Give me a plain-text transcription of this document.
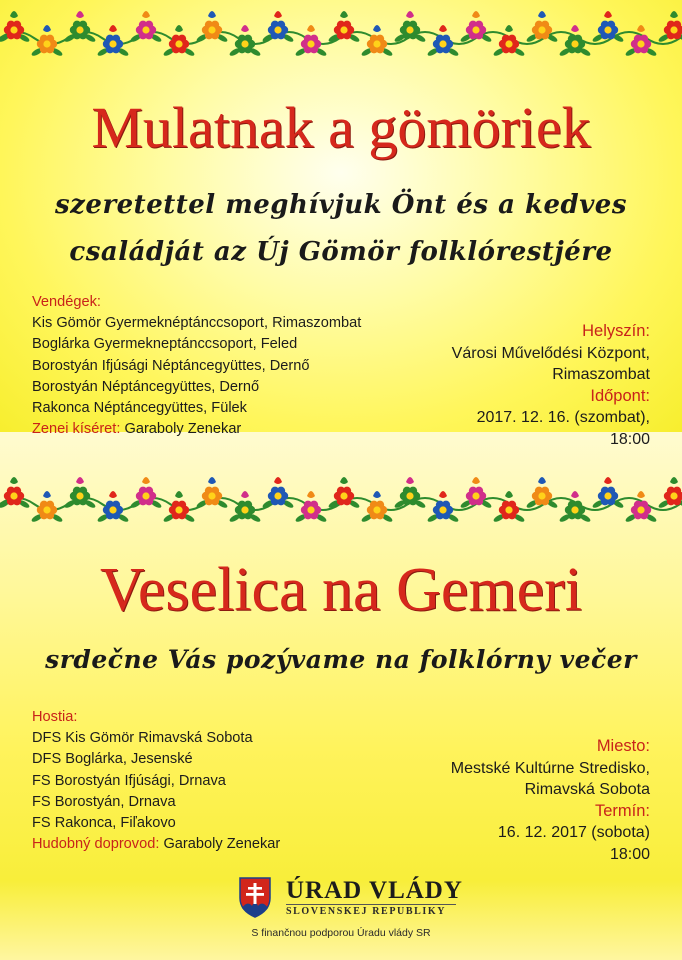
Mulatnak a gömöriek
szeretettel meghívjuk Önt és a kedves
családját az Új Gömör folklórestjére
Vendégek:
Kis Gömör Gyermeknéptánccsoport, Rimaszombat
Boglárka Gyermekneptánccsoport, Feled
Borostyán Ifjúsági Néptáncegyüttes, Dernő
Borostyán Néptáncegyüttes, Dernő
Rakonca Néptáncegyüttes, Fülek
Zenei kíséret: Garaboly Zenekar
Helyszín:
Városi Művelődési Központ,
Rimaszombat
Időpont:
2017. 12. 16. (szombat),
18:00
Veselica na Gemeri
srdečne Vás pozývame na folklórny večer
Hostia:
DFS Kis Gömör Rimavská Sobota
DFS Boglárka, Jesenské
FS Borostyán Ifjúsági, Drnava
FS Borostyán, Drnava
FS Rakonca, Fiľakovo
Hudobný doprovod: Garaboly Zenekar
Miesto:
Mestské Kultúrne Stredisko,
Rimavská Sobota
Termín:
16. 12. 2017 (sobota)
18:00
ÚRAD VLÁDY
SLOVENSKEJ REPUBLIKY
S finančnou podporou Úradu vlády SR
